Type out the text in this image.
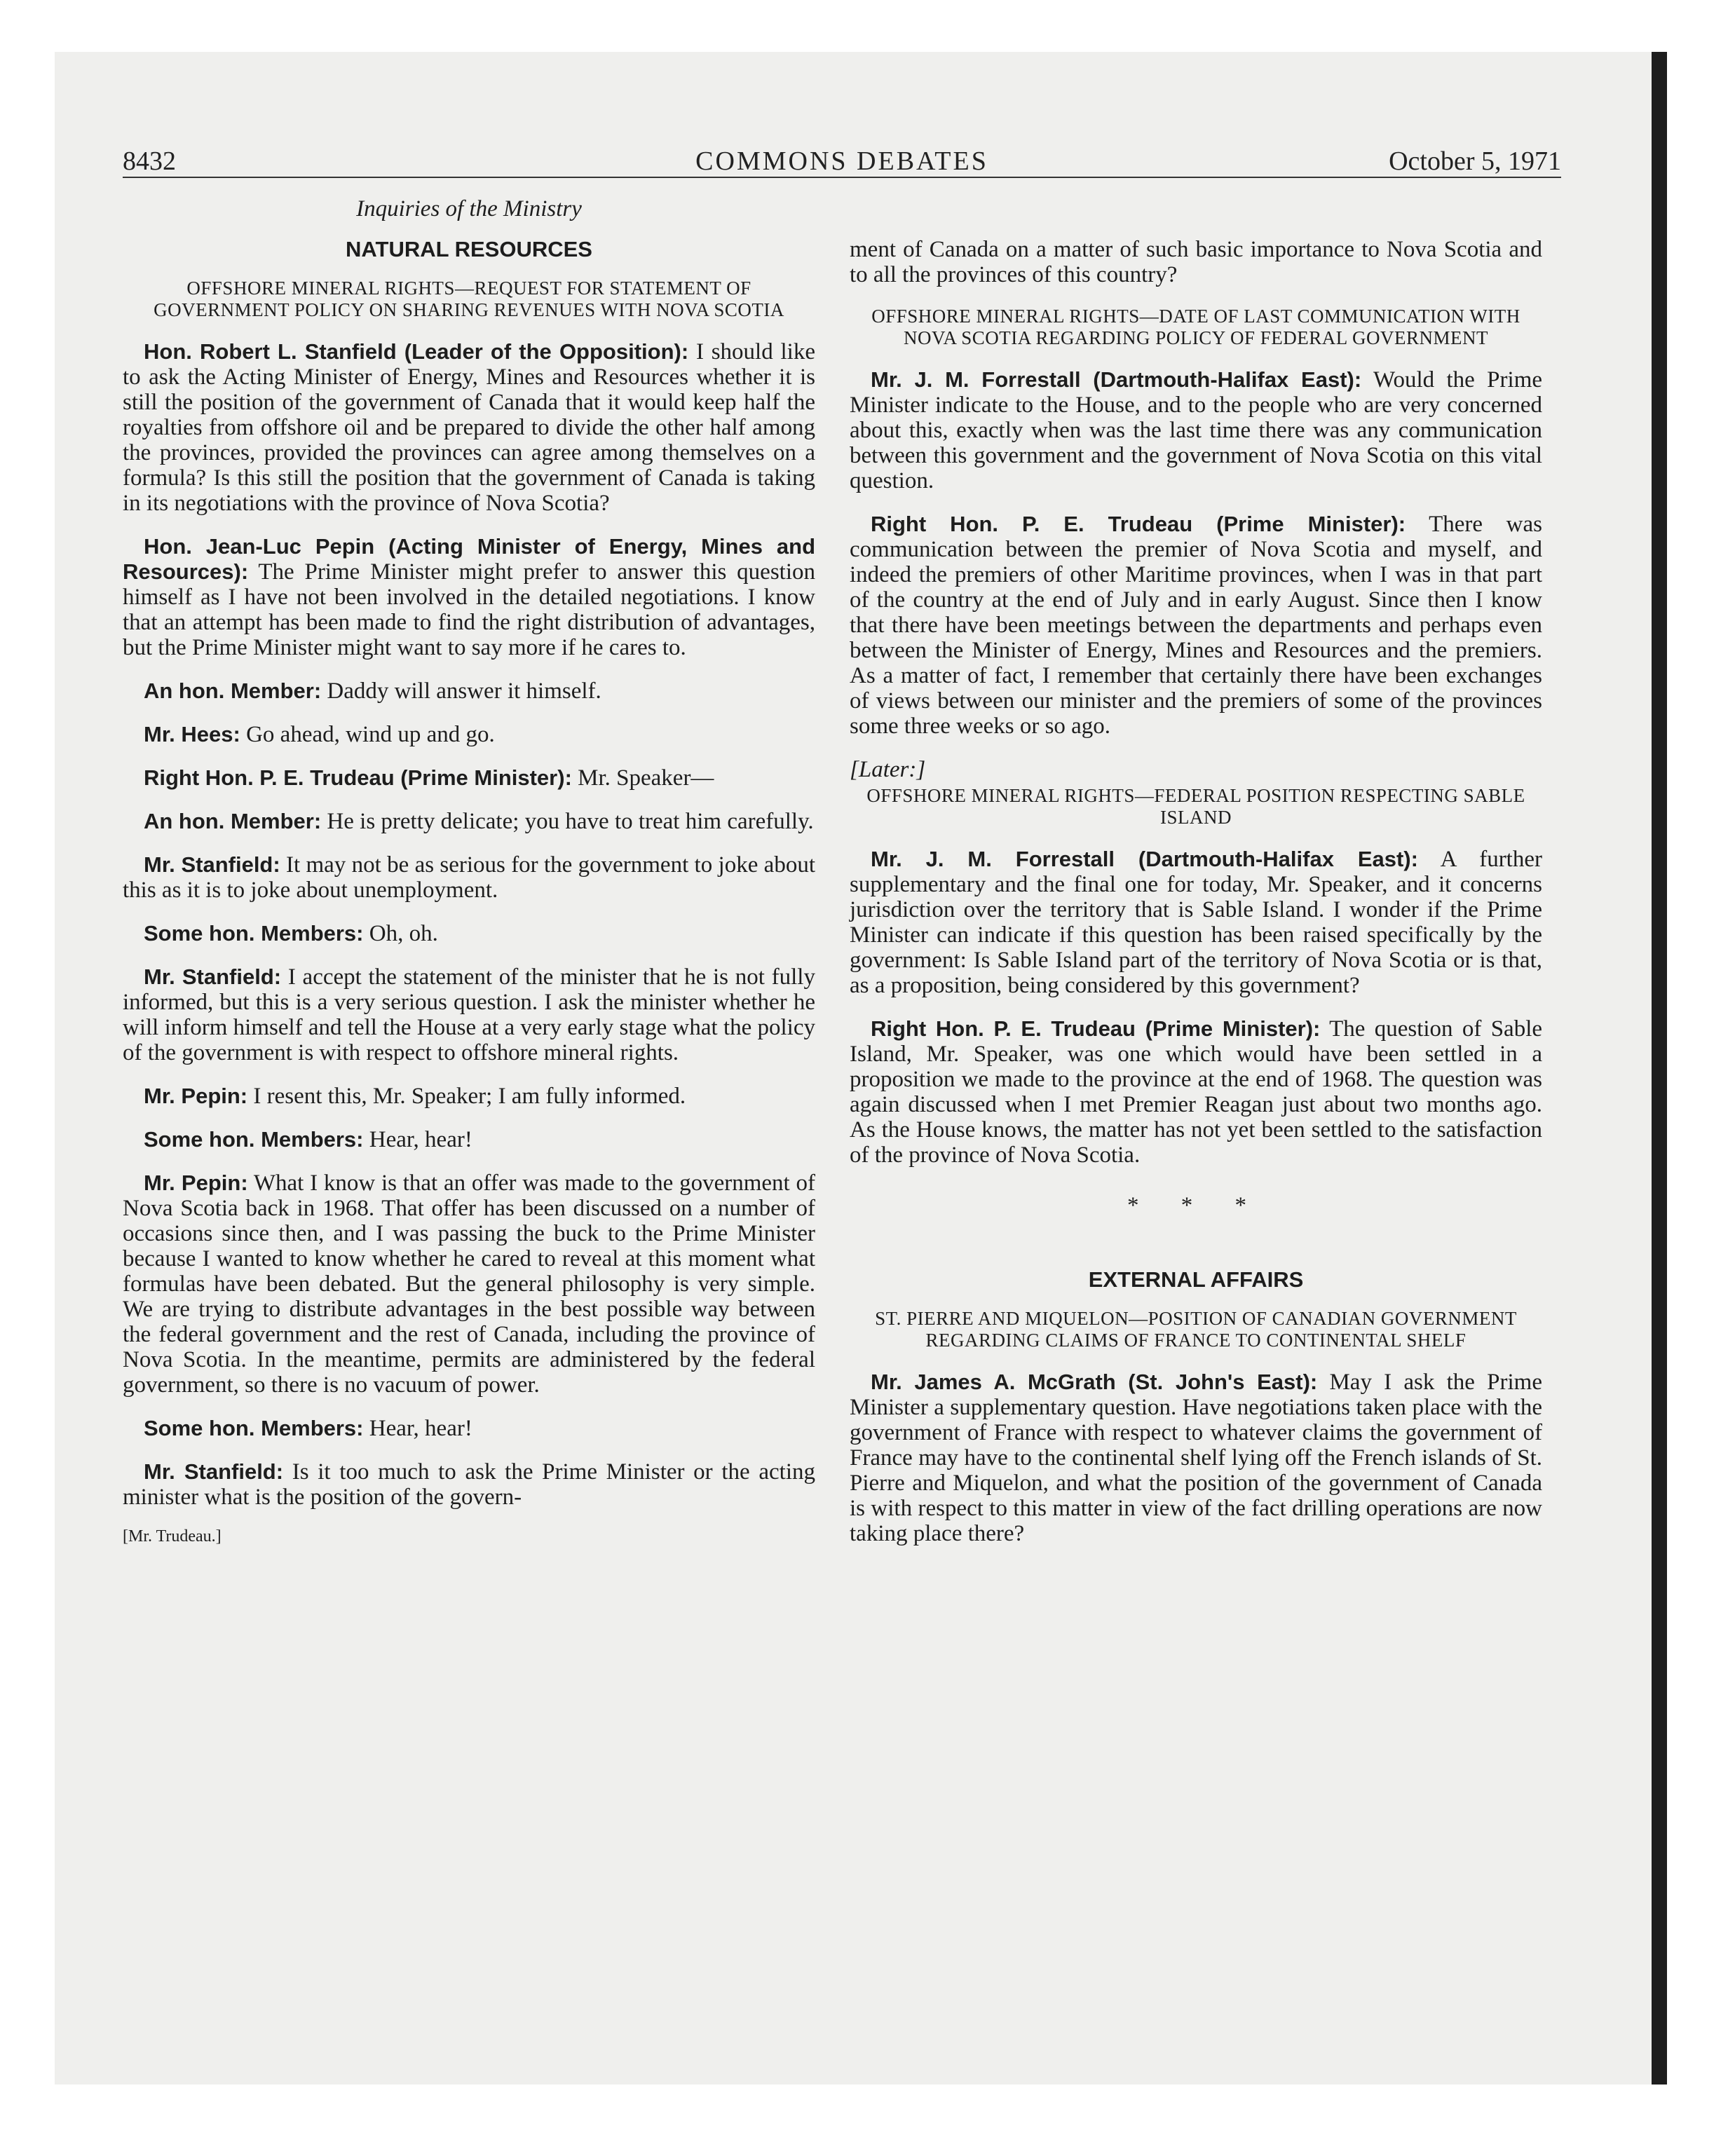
8432	COMMONS DEBATES	October 5, 1971
Inquiries of the Ministry
NATURAL RESOURCES
OFFSHORE MINERAL RIGHTS—REQUEST FOR STATEMENT OF GOVERNMENT POLICY ON SHARING REVENUES WITH NOVA SCOTIA

Hon. Robert L. Stanfield (Leader of the Opposition): I should like to ask the Acting Minister of Energy, Mines and Resources whether it is still the position of the government of Canada that it would keep half the royalties from offshore oil and be prepared to divide the other half among the provinces, provided the provinces can agree among themselves on a formula? Is this still the position that the government of Canada is taking in its negotiations with the province of Nova Scotia?

Hon. Jean-Luc Pepin (Acting Minister of Energy, Mines and Resources): The Prime Minister might prefer to answer this question himself as I have not been involved in the detailed negotiations. I know that an attempt has been made to find the right distribution of advantages, but the Prime Minister might want to say more if he cares to.

An hon. Member: Daddy will answer it himself.

Mr. Hees: Go ahead, wind up and go.

Right Hon. P. E. Trudeau (Prime Minister): Mr. Speaker—

An hon. Member: He is pretty delicate; you have to treat him carefully.

Mr. Stanfield: It may not be as serious for the government to joke about this as it is to joke about unemployment.

Some hon. Members: Oh, oh.

Mr. Stanfield: I accept the statement of the minister that he is not fully informed, but this is a very serious question. I ask the minister whether he will inform himself and tell the House at a very early stage what the policy of the government is with respect to offshore mineral rights.

Mr. Pepin: I resent this, Mr. Speaker; I am fully informed.

Some hon. Members: Hear, hear!

Mr. Pepin: What I know is that an offer was made to the government of Nova Scotia back in 1968. That offer has been discussed on a number of occasions since then, and I was passing the buck to the Prime Minister because I wanted to know whether he cared to reveal at this moment what formulas have been debated. But the general philosophy is very simple. We are trying to distribute advantages in the best possible way between the federal government and the rest of Canada, including the province of Nova Scotia. In the meantime, permits are administered by the federal government, so there is no vacuum of power.

Some hon. Members: Hear, hear!

Mr. Stanfield: Is it too much to ask the Prime Minister or the acting minister what is the position of the govern-

[Mr. Trudeau.]
ment of Canada on a matter of such basic importance to Nova Scotia and to all the provinces of this country?
OFFSHORE MINERAL RIGHTS—DATE OF LAST COMMUNICATION WITH NOVA SCOTIA REGARDING POLICY OF FEDERAL GOVERNMENT

Mr. J. M. Forrestall (Dartmouth-Halifax East): Would the Prime Minister indicate to the House, and to the people who are very concerned about this, exactly when was the last time there was any communication between this government and the government of Nova Scotia on this vital question.

Right Hon. P. E. Trudeau (Prime Minister): There was communication between the premier of Nova Scotia and myself, and indeed the premiers of other Maritime provinces, when I was in that part of the country at the end of July and in early August. Since then I know that there have been meetings between the departments and perhaps even between the Minister of Energy, Mines and Resources and the premiers. As a matter of fact, I remember that certainly there have been exchanges of views between our minister and the premiers of some of the provinces some three weeks or so ago.

[Later:]
OFFSHORE MINERAL RIGHTS—FEDERAL POSITION RESPECTING SABLE ISLAND

Mr. J. M. Forrestall (Dartmouth-Halifax East): A further supplementary and the final one for today, Mr. Speaker, and it concerns jurisdiction over the territory that is Sable Island. I wonder if the Prime Minister can indicate if this question has been raised specifically by the government: Is Sable Island part of the territory of Nova Scotia or is that, as a proposition, being considered by this government?

Right Hon. P. E. Trudeau (Prime Minister): The question of Sable Island, Mr. Speaker, was one which would have been settled in a proposition we made to the province at the end of 1968. The question was again discussed when I met Premier Reagan just about two months ago. As the House knows, the matter has not yet been settled to the satisfaction of the province of Nova Scotia.

* * *
EXTERNAL AFFAIRS
ST. PIERRE AND MIQUELON—POSITION OF CANADIAN GOVERNMENT REGARDING CLAIMS OF FRANCE TO CONTINENTAL SHELF

Mr. James A. McGrath (St. John's East): May I ask the Prime Minister a supplementary question. Have negotiations taken place with the government of France with respect to whatever claims the government of France may have to the continental shelf lying off the French islands of St. Pierre and Miquelon, and what the position of the government of Canada is with respect to this matter in view of the fact drilling operations are now taking place there?
